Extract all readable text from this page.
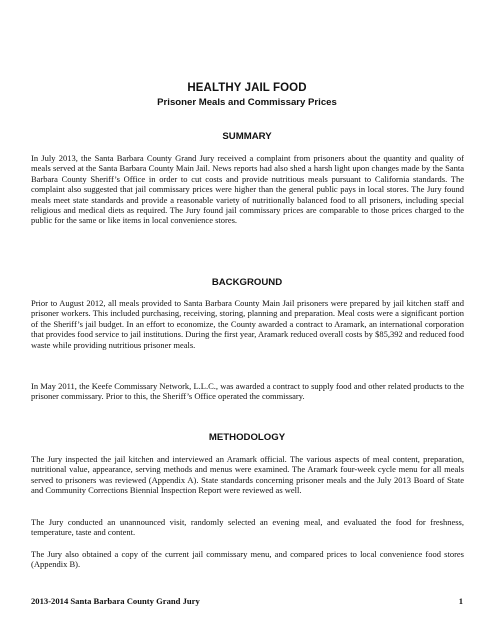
HEALTHY JAIL FOOD
Prisoner Meals and Commissary Prices
SUMMARY

In July 2013, the Santa Barbara County Grand Jury received a complaint from prisoners about the quantity and quality of meals served at the Santa Barbara County Main Jail. News reports had also shed a harsh light upon changes made by the Santa Barbara County Sheriff’s Office in order to cut costs and provide nutritious meals pursuant to California standards. The complaint also suggested that jail commissary prices were higher than the general public pays in local stores. The Jury found meals meet state standards and provide a reasonable variety of nutritionally balanced food to all prisoners, including special religious and medical diets as required. The Jury found jail commissary prices are comparable to those prices charged to the public for the same or like items in local convenience stores.

BACKGROUND

Prior to August 2012, all meals provided to Santa Barbara County Main Jail prisoners were prepared by jail kitchen staff and prisoner workers. This included purchasing, receiving, storing, planning and preparation. Meal costs were a significant portion of the Sheriff’s jail budget. In an effort to economize, the County awarded a contract to Aramark, an international corporation that provides food service to jail institutions. During the first year, Aramark reduced overall costs by $85,392 and reduced food waste while providing nutritious prisoner meals.

In May 2011, the Keefe Commissary Network, L.L.C., was awarded a contract to supply food and other related products to the prisoner commissary. Prior to this, the Sheriff’s Office operated the commissary.

METHODOLOGY

The Jury inspected the jail kitchen and interviewed an Aramark official. The various aspects of meal content, preparation, nutritional value, appearance, serving methods and menus were examined. The Aramark four-week cycle menu for all meals served to prisoners was reviewed (Appendix A). State standards concerning prisoner meals and the July 2013 Board of State and Community Corrections Biennial Inspection Report were reviewed as well.

The Jury conducted an unannounced visit, randomly selected an evening meal, and evaluated the food for freshness, temperature, taste and content.

The Jury also obtained a copy of the current jail commissary menu, and compared prices to local convenience food stores (Appendix B).

2013-2014 Santa Barbara County Grand Jury	1
